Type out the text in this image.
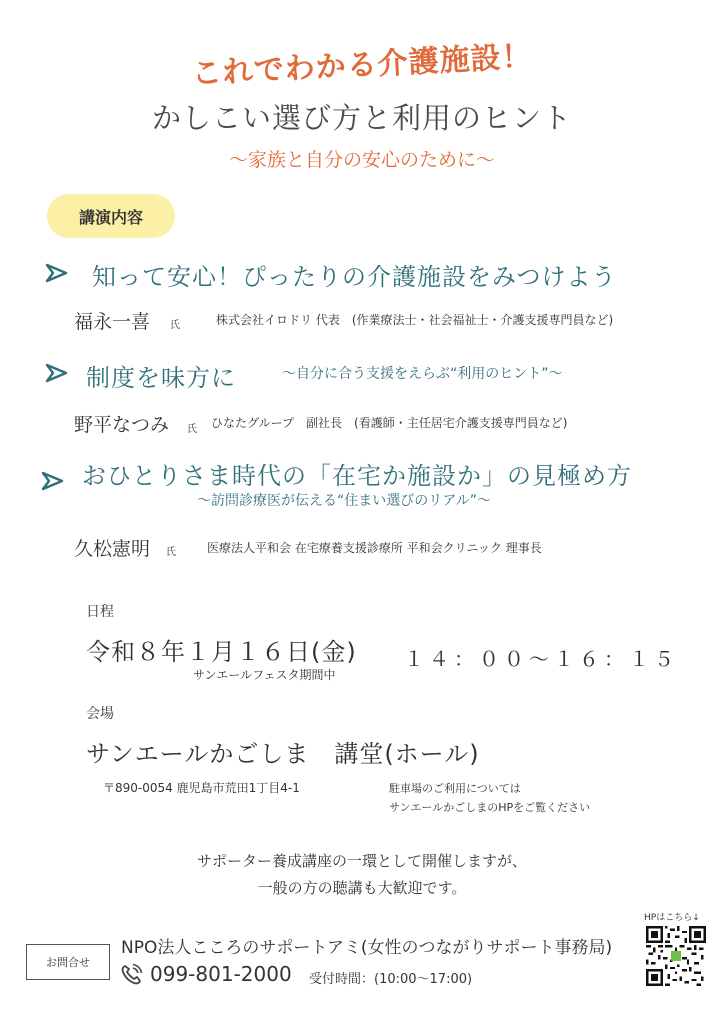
これでわかる介護施設！
かしこい選び方と利用のヒント
〜家族と自分の安心のために〜
講演内容
知って安心！ぴったりの介護施設をみつけよう
福永一喜 氏	株式会社イロドリ 代表　(作業療法士・社会福祉士・介護支援専門員など)
制度を味方に	〜自分に合う支援をえらぶ“利用のヒント”〜
野平なつみ 氏 ひなたグループ　副社長　(看護師・主任居宅介護支援専門員など)
おひとりさま時代の「在宅か施設か」の見極め方
〜訪問診療医が伝える“住まい選びのリアル”〜
久松憲明 氏	医療法人平和会 在宅療養支援診療所 平和会クリニック 理事長
日程
令和８年１月１６日(金) １４：００〜１６：１５
サンエールフェスタ期間中
会場
サンエールかごしま　講堂(ホール)
〒890-0054 鹿児島市荒田1丁目4-1	駐車場のご利用については
サンエールかごしまのHPをご覧ください
サポーター養成講座の一環として開催しますが、
一般の方の聴講も大歓迎です。
お問合せ
NPO法人こころのサポートアミ(女性のつながりサポート事務局)
099-801-2000 受付時間：(10:00〜17:00)
HPはこちら↓
